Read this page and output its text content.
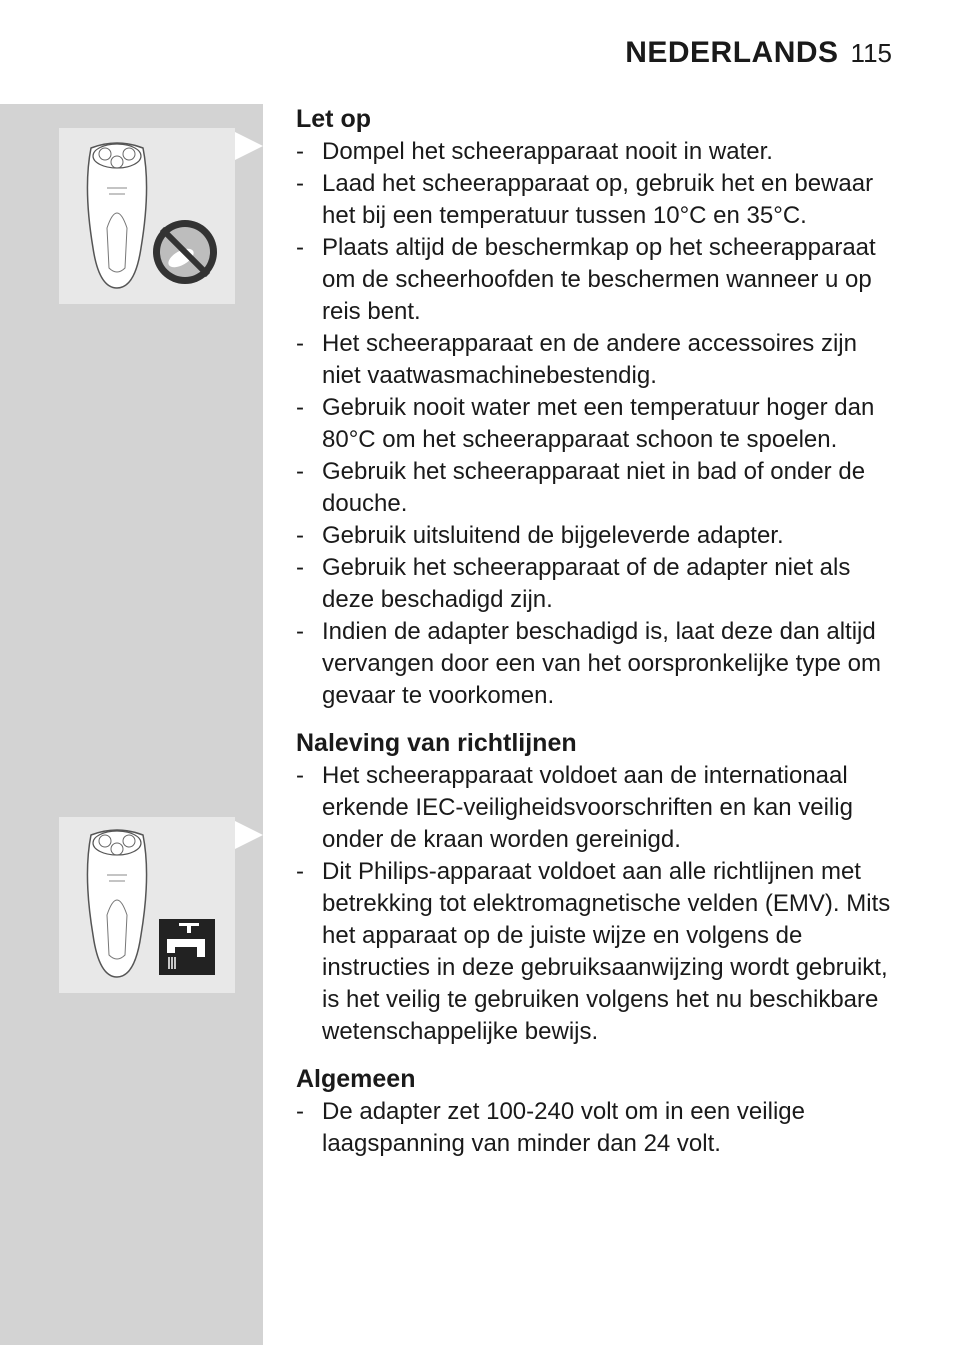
NEDERLANDS 115
Let op
- Dompel het scheerapparaat nooit in water.
- Laad het scheerapparaat op, gebruik het en bewaar het bij een temperatuur tussen 10°C en 35°C.
- Plaats altijd de beschermkap op het scheerapparaat om de scheerhoofden te beschermen wanneer u op reis bent.
- Het scheerapparaat en de andere accessoires zijn niet vaatwasmachinebestendig.
- Gebruik nooit water met een temperatuur hoger dan 80°C om het scheerapparaat schoon te spoelen.
- Gebruik het scheerapparaat niet in bad of onder de douche.
- Gebruik uitsluitend de bijgeleverde adapter.
- Gebruik het scheerapparaat of de adapter niet als deze beschadigd zijn.
- Indien de adapter beschadigd is, laat deze dan altijd vervangen door een van het oorspronkelijke type om gevaar te voorkomen.
Naleving van richtlijnen
- Het scheerapparaat voldoet aan de internationaal erkende IEC-veiligheidsvoorschriften en kan veilig onder de kraan worden gereinigd.
- Dit Philips-apparaat voldoet aan alle richtlijnen met betrekking tot elektromagnetische velden (EMV). Mits het apparaat op de juiste wijze en volgens de instructies in deze gebruiksaanwijzing wordt gebruikt, is het veilig te gebruiken volgens het nu beschikbare wetenschappelijke bewijs.
Algemeen
- De adapter zet 100-240 volt om in een veilige laagspanning van minder dan 24 volt.
